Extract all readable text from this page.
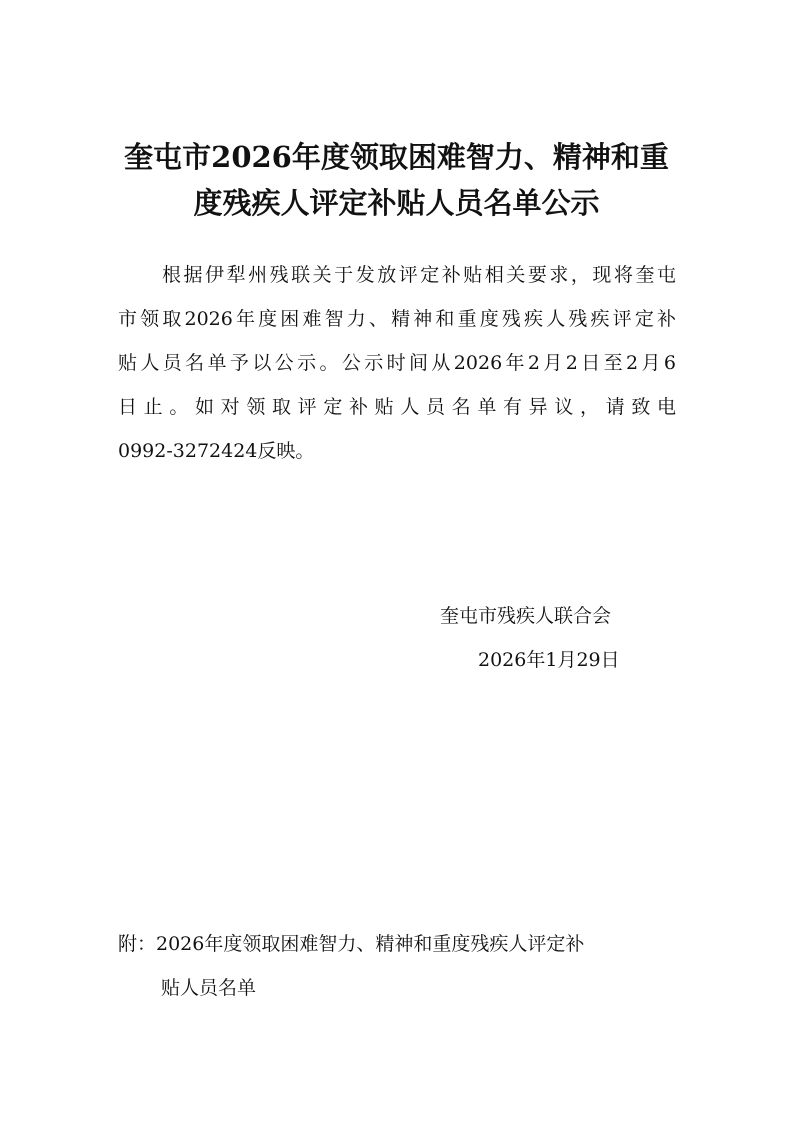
奎屯市2026年度领取困难智力、精神和重
度残疾人评定补贴人员名单公示

根据伊犁州残联关于发放评定补贴相关要求，现将奎屯

市领取2026年度困难智力、精神和重度残疾人残疾评定补

贴人员名单予以公示。公示时间从2026年2月2日至2月6

日止。如对领取评定补贴人员名单有异议，请致电

0992-3272424反映。

奎屯市残疾人联合会
2026年1月29日
附：2026年度领取困难智力、精神和重度残疾人评定补
贴人员名单
